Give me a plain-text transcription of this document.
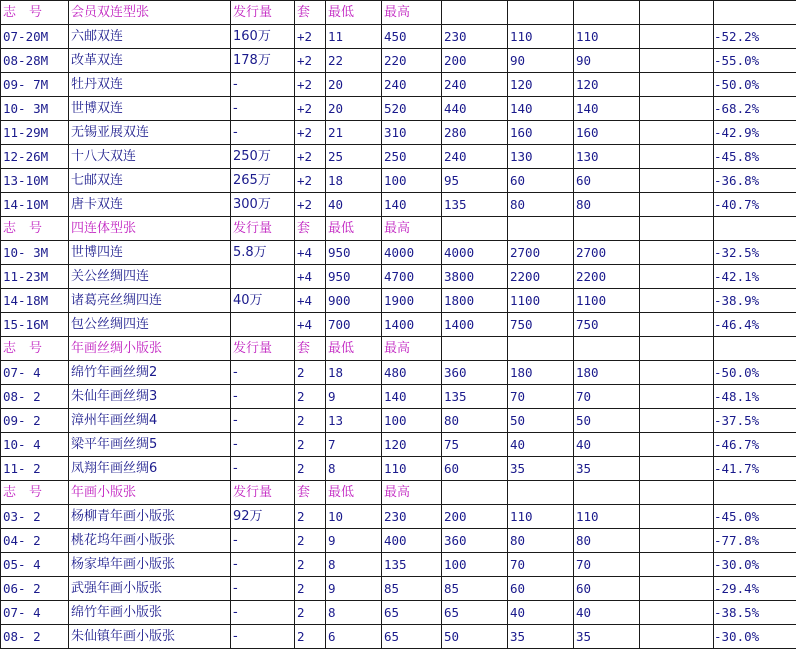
志　号	会员双连型张	发行量	套	最低	最高					
07-20M	六邮双连	160万	+2	11	450	230	110	110		-52.2%
08-28M	改革双连	178万	+2	22	220	200	90	90		-55.0%
09- 7M	牡丹双连	-	+2	20	240	240	120	120		-50.0%
10- 3M	世博双连	-	+2	20	520	440	140	140		-68.2%
11-29M	无锡亚展双连	-	+2	21	310	280	160	160		-42.9%
12-26M	十八大双连	250万	+2	25	250	240	130	130		-45.8%
13-10M	七邮双连	265万	+2	18	100	95	60	60		-36.8%
14-10M	唐卡双连	300万	+2	40	140	135	80	80		-40.7%
志　号	四连体型张	发行量	套	最低	最高					
10- 3M	世博四连	5.8万	+4	950	4000	4000	2700	2700		-32.5%
11-23M	关公丝绸四连		+4	950	4700	3800	2200	2200		-42.1%
14-18M	诸葛亮丝绸四连	40万	+4	900	1900	1800	1100	1100		-38.9%
15-16M	包公丝绸四连		+4	700	1400	1400	750	750		-46.4%
志　号	年画丝绸小版张	发行量	套	最低	最高					
07- 4	绵竹年画丝绸2	-	2	18	480	360	180	180		-50.0%
08- 2	朱仙年画丝绸3	-	2	9	140	135	70	70		-48.1%
09- 2	漳州年画丝绸4	-	2	13	100	80	50	50		-37.5%
10- 4	梁平年画丝绸5	-	2	7	120	75	40	40		-46.7%
11- 2	凤翔年画丝绸6	-	2	8	110	60	35	35		-41.7%
志　号	年画小版张	发行量	套	最低	最高					
03- 2	杨柳青年画小版张	92万	2	10	230	200	110	110		-45.0%
04- 2	桃花坞年画小版张	-	2	9	400	360	80	80		-77.8%
05- 4	杨家埠年画小版张	-	2	8	135	100	70	70		-30.0%
06- 2	武强年画小版张	-	2	9	85	85	60	60		-29.4%
07- 4	绵竹年画小版张	-	2	8	65	65	40	40		-38.5%
08- 2	朱仙镇年画小版张	-	2	6	65	50	35	35		-30.0%
